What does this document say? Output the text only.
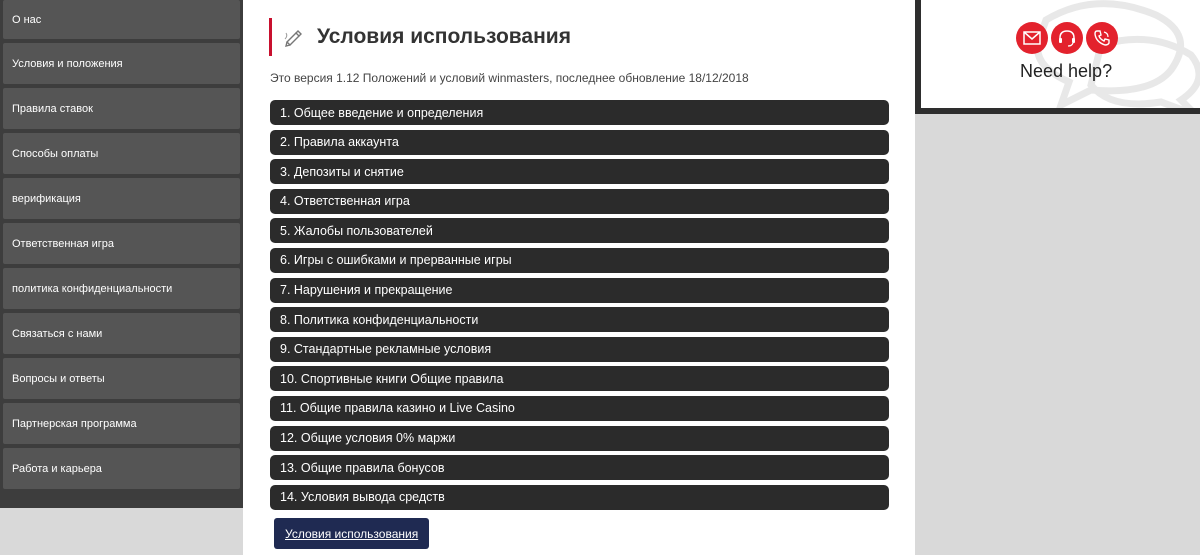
О нас
Условия и положения
Правила ставок
Способы оплаты
верификация
Ответственная игра
политика конфиденциальности
Связаться с нами
Вопросы и ответы
Партнерская программа
Работа и карьера
Условия использования

Это версия 1.12 Положений и условий winmasters, последнее обновление 18/12/2018

1. Общее введение и определения
2. Правила аккаунта
3. Депозиты и снятие
4. Ответственная игра
5. Жалобы пользователей
6. Игры с ошибками и прерванные игры
7. Нарушения и прекращение
8. Политика конфиденциальности
9. Стандартные рекламные условия
10. Спортивные книги Общие правила
11. Общие правила казино и Live Casino
12. Общие условия 0% маржи
13. Общие правила бонусов
14. Условия вывода средств
Условия использования
Need help?
